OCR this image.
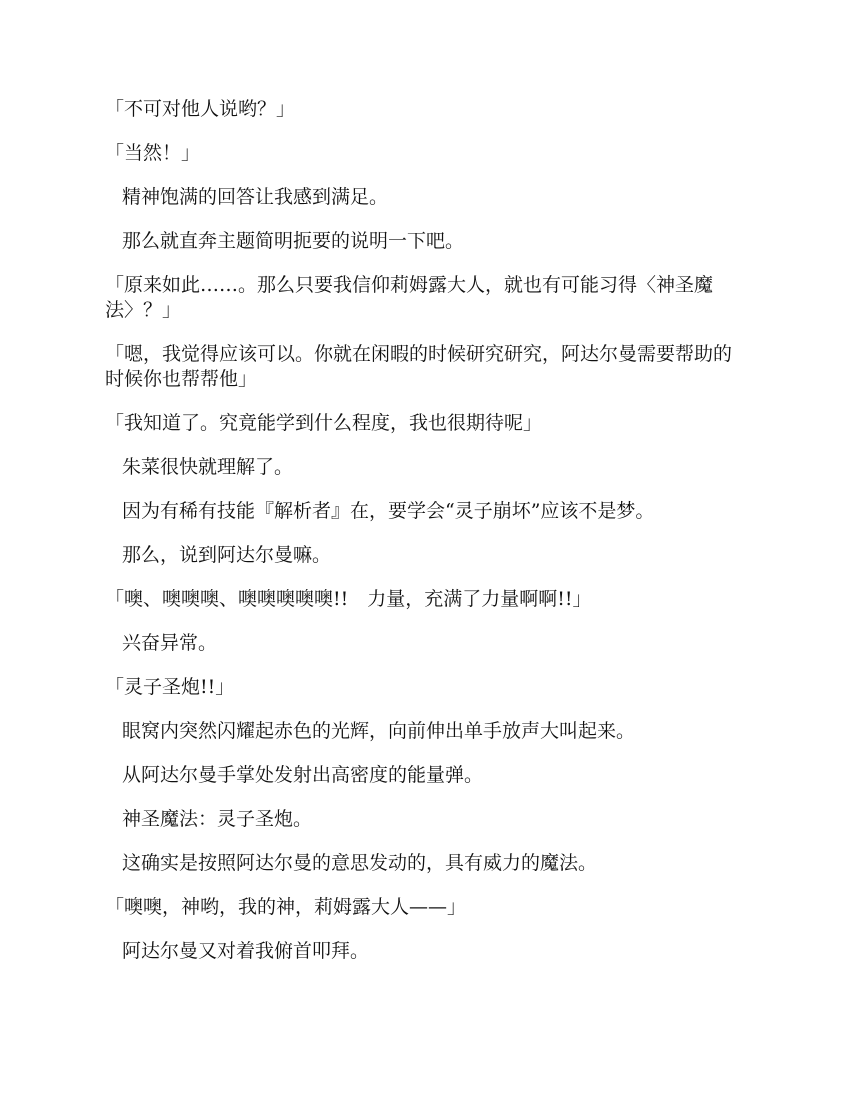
「不可对他人说哟？」

「当然！」

精神饱满的回答让我感到满足。

那么就直奔主题简明扼要的说明一下吧。

「原来如此……。那么只要我信仰莉姆露大人，就也有可能习得〈神圣魔法〉？」

「嗯，我觉得应该可以。你就在闲暇的时候研究研究，阿达尔曼需要帮助的时候你也帮帮他」

「我知道了。究竟能学到什么程度，我也很期待呢」

朱菜很快就理解了。

因为有稀有技能『解析者』在，要学会“灵子崩坏”应该不是梦。

那么，说到阿达尔曼嘛。

「噢、噢噢噢、噢噢噢噢噢!!　力量，充满了力量啊啊!!」

兴奋异常。

「灵子圣炮!!」

眼窝内突然闪耀起赤色的光辉，向前伸出单手放声大叫起来。

从阿达尔曼手掌处发射出高密度的能量弹。

神圣魔法：灵子圣炮。

这确实是按照阿达尔曼的意思发动的，具有威力的魔法。

「噢噢，神哟，我的神，莉姆露大人——」

阿达尔曼又对着我俯首叩拜。
